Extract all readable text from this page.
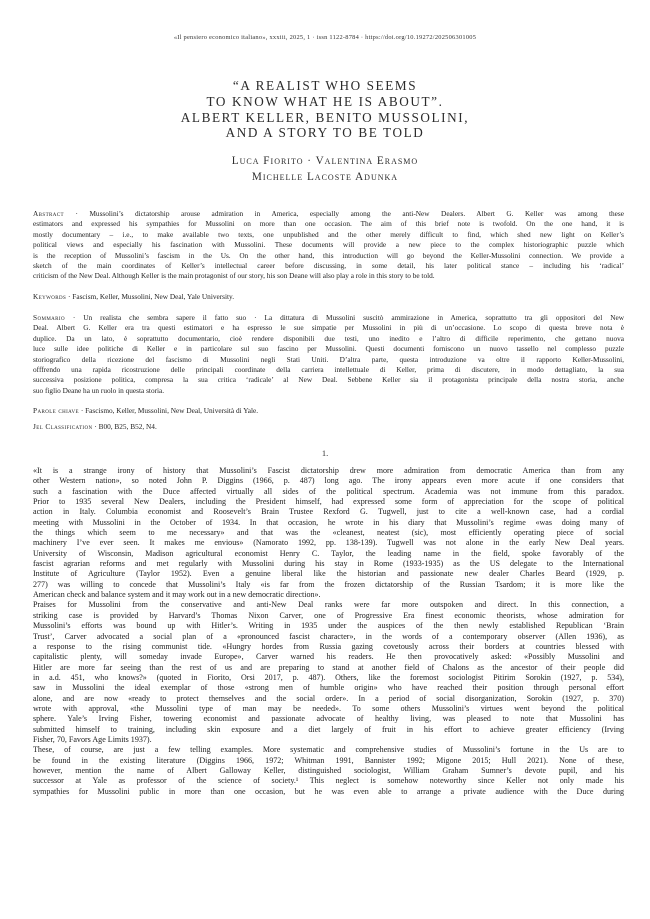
«Il pensiero economico italiano», xxxiii, 2025, 1 · issn 1122-8784 · https://doi.org/10.19272/202506301005
“A REALIST WHO SEEMS
TO KNOW WHAT HE IS ABOUT”.
ALBERT KELLER, BENITO MUSSOLINI,
AND A STORY TO BE TOLD
Luca Fiorito · Valentina Erasmo
Michelle Lacoste Adunka
Abstract · Mussolini’s dictatorship arouse admiration in America, especially among the anti-New Dealers. Albert G. Keller was among these
estimators and expressed his sympathies for Mussolini on more than one occasion. The aim of this brief note is twofold. On the one hand, it is
mostly documentary – i.e., to make available two texts, one unpublished and the other merely difficult to find, which shed new light on Keller’s
political views and especially his fascination with Mussolini. These documents will provide a new piece to the complex historiographic puzzle which
is the reception of Mussolini’s fascism in the Us. On the other hand, this introduction will go beyond the Keller-Mussolini connection. We provide a
sketch of the main coordinates of Keller’s intellectual career before discussing, in some detail, his later political stance – including his ‘radical’
criticism of the New Deal. Although Keller is the main protagonist of our story, his son Deane will also play a role in this story to be told.
Keywords · Fascism, Keller, Mussolini, New Deal, Yale University.
Sommario · Un realista che sembra sapere il fatto suo · La dittatura di Mussolini suscitò ammirazione in America, soprattutto tra gli oppositori del New
Deal. Albert G. Keller era tra questi estimatori e ha espresso le sue simpatie per Mussolini in più di un’occasione. Lo scopo di questa breve nota è
duplice. Da un lato, è soprattutto documentario, cioè rendere disponibili due testi, uno inedito e l’altro di difficile reperimento, che gettano nuova
luce sulle idee politiche di Keller e in particolare sul suo fascino per Mussolini. Questi documenti forniscono un nuovo tassello nel complesso puzzle
storiografico della ricezione del fascismo di Mussolini negli Stati Uniti. D’altra parte, questa introduzione va oltre il rapporto Keller-Mussolini,
offfrendo una rapida ricostruzione delle principali coordinate della carriera intellettuale di Keller, prima di discutere, in modo dettagliato, la sua
successiva posizione politica, compresa la sua critica ‘radicale’ al New Deal. Sebbene Keller sia il protagonista principale della nostra storia, anche
suo figlio Deane ha un ruolo in questa storia.
Parole chiave · Fascismo, Keller, Mussolini, New Deal, Università di Yale.
Jel Classification · B00, B25, B52, N4.
1.
«It is a strange irony of history that Mussolini’s Fascist dictatorship drew more admiration from democratic America than from any
other Western nation», so noted John P. Diggins (1966, p. 487) long ago. The irony appears even more acute if one considers that
such a fascination with the Duce affected virtually all sides of the political spectrum. Academia was not immune from this paradox.
Prior to 1935 several New Dealers, including the President himself, had expressed some form of appreciation for the scope of political
action in Italy. Columbia economist and Roosevelt’s Brain Trustee Rexford G. Tugwell, just to cite a well-known case, had a cordial
meeting with Mussolini in the October of 1934. In that occasion, he wrote in his diary that Mussolini’s regime «was doing many of
the things which seem to me necessary» and that was the «cleanest, neatest (sic), most efficiently operating piece of social
machinery I’ve ever seen. It makes me envious» (Namorato 1992, pp. 138-139). Tugwell was not alone in the early New Deal years.
University of Wisconsin, Madison agricultural economist Henry C. Taylor, the leading name in the field, spoke favorably of the
fascist agrarian reforms and met regularly with Mussolini during his stay in Rome (1933-1935) as the US delegate to the International
Institute of Agriculture (Taylor 1952). Even a genuine liberal like the historian and passionate new dealer Charles Beard (1929, p.
277) was willing to concede that Mussolini’s Italy «is far from the frozen dictatorship of the Russian Tsardom; it is more like the
American check and balance system and it may work out in a new democratic direction».
Praises for Mussolini from the conservative and anti-New Deal ranks were far more outspoken and direct. In this connection, a
striking case is provided by Harvard’s Thomas Nixon Carver, one of Progressive Era finest economic theorists, whose admiration for
Mussolini’s efforts was bound up with Hitler’s. Writing in 1935 under the auspices of the then newly established Republican ‘Brain
Trust’, Carver advocated a social plan of a «pronounced fascist character», in the words of a contemporary observer (Allen 1936), as
a response to the rising communist tide. «Hungry hordes from Russia gazing covetously across their borders at countries blessed with
capitalistic plenty, will someday invade Europe», Carver warned his readers. He then provocatively asked: «Possibly Mussolini and
Hitler are more far seeing than the rest of us and are preparing to stand at another field of Chalons as the ancestor of their people did
in a.d. 451, who knows?» (quoted in Fiorito, Orsi 2017, p. 487). Others, like the foremost sociologist Pitirim Sorokin (1927, p. 534),
saw in Mussolini the ideal exemplar of those «strong men of humble origin» who have reached their position through personal effort
alone, and are now «ready to protect themselves and the social order». In a period of social disorganization, Sorokin (1927, p. 370)
wrote with approval, «the Mussolini type of man may be needed». To some others Mussolini’s virtues went beyond the political
sphere. Yale’s Irving Fisher, towering economist and passionate advocate of healthy living, was pleased to note that Mussolini has
submitted himself to training, including skin exposure and a diet largely of fruit in his effort to achieve greater efficiency (Irving
Fisher, 70, Favors Age Limits 1937).
These, of course, are just a few telling examples. More systematic and comprehensive studies of Mussolini’s fortune in the Us are to
be found in the existing literature (Diggins 1966, 1972; Whitman 1991, Bannister 1992; Migone 2015; Hull 2021). None of these,
however, mention the name of Albert Galloway Keller, distinguished sociologist, William Graham Sumner’s devote pupil, and his
successor at Yale as professor of the science of society.¹ This neglect is somehow noteworthy since Keller not only made his
sympathies for Mussolini public in more than one occasion, but he was even able to arrange a private audience with the Duce during
